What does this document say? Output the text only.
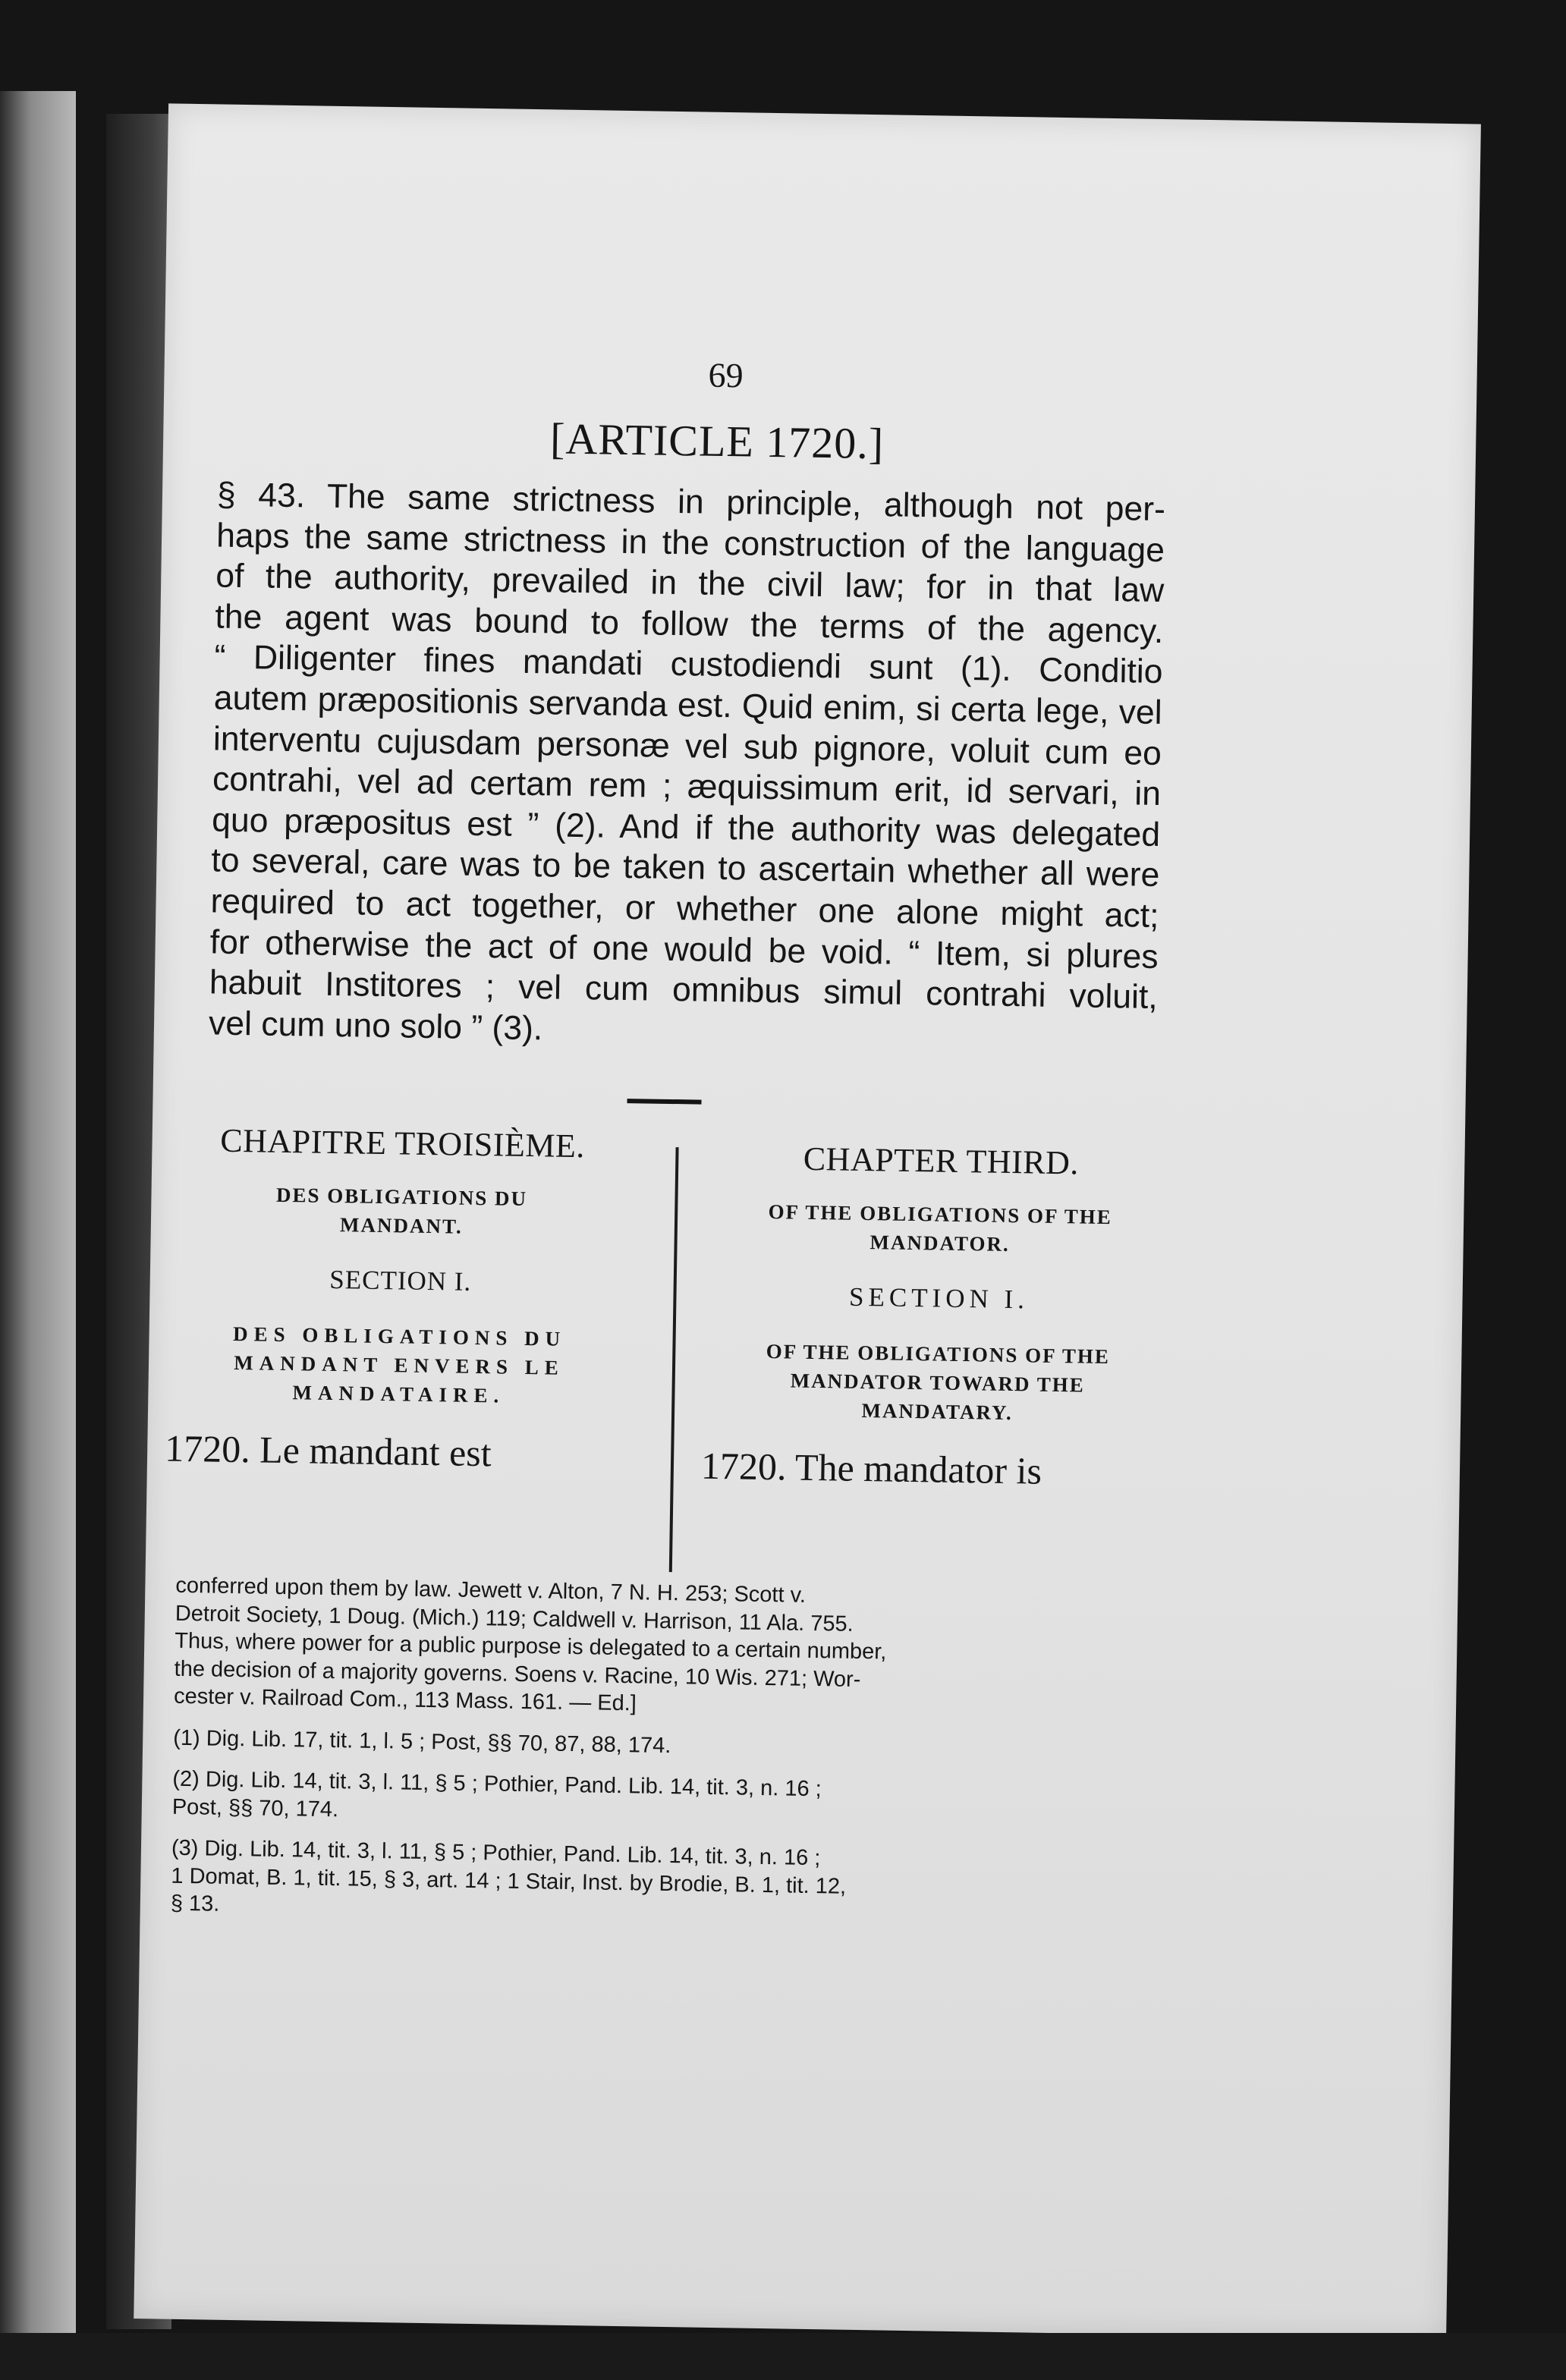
69
[ARTICLE 1720.]
§ 43. The same strictness in principle, although not per-
haps the same strictness in the construction of the language
of the authority, prevailed in the civil law; for in that law
the agent was bound to follow the terms of the agency.
“ Diligenter fines mandati custodiendi sunt (1). Conditio
autem præpositionis servanda est. Quid enim, si certa lege, vel
interventu cujusdam personæ vel sub pignore, voluit cum eo
contrahi, vel ad certam rem ; æquissimum erit, id servari, in
quo præpositus est ” (2). And if the authority was delegated
to several, care was to be taken to ascertain whether all were
required to act together, or whether one alone might act;
for otherwise the act of one would be void. “ Item, si plures
habuit Institores ; vel cum omnibus simul contrahi voluit,
vel cum uno solo ” (3).
CHAPITRE TROISIÈME.
DES OBLIGATIONS DU
MANDANT.
SECTION I.
DES OBLIGATIONS DU
MANDANT ENVERS LE
MANDATAIRE.
1720. Le mandant est
CHAPTER THIRD.
OF THE OBLIGATIONS OF THE
MANDATOR.
SECTION I.
OF THE OBLIGATIONS OF THE
MANDATOR TOWARD THE
MANDATARY.
1720. The mandator is
conferred upon them by law. Jewett v. Alton, 7 N. H. 253; Scott v.
Detroit Society, 1 Doug. (Mich.) 119; Caldwell v. Harrison, 11 Ala. 755.
Thus, where power for a public purpose is delegated to a certain number,
the decision of a majority governs. Soens v. Racine, 10 Wis. 271; Wor-
cester v. Railroad Com., 113 Mass. 161. — Ed.]
(1) Dig. Lib. 17, tit. 1, l. 5 ; Post, §§ 70, 87, 88, 174.
(2) Dig. Lib. 14, tit. 3, l. 11, § 5 ; Pothier, Pand. Lib. 14, tit. 3, n. 16 ;
Post, §§ 70, 174.
(3) Dig. Lib. 14, tit. 3, l. 11, § 5 ; Pothier, Pand. Lib. 14, tit. 3, n. 16 ;
1 Domat, B. 1, tit. 15, § 3, art. 14 ; 1 Stair, Inst. by Brodie, B. 1, tit. 12,
§ 13.
